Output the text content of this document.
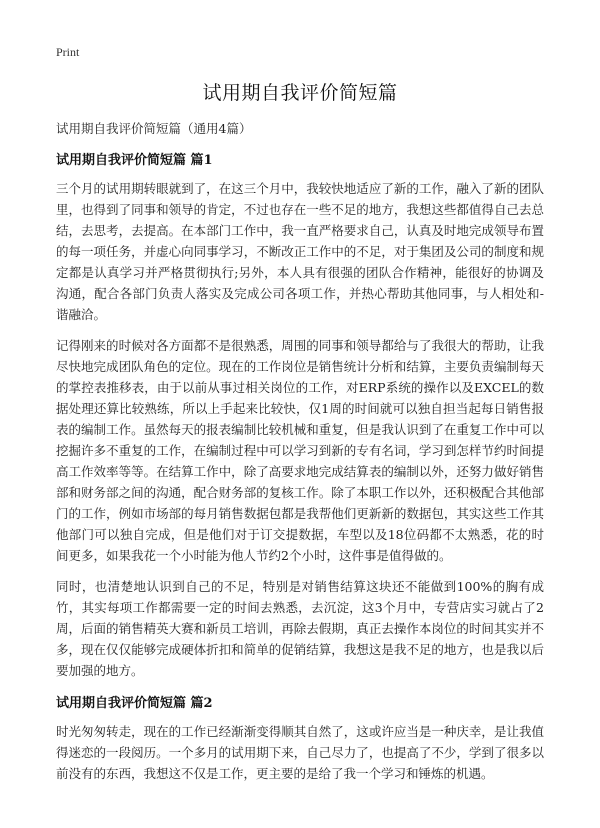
Print

试用期自我评价简短篇

试用期自我评价简短篇（通用4篇）

试用期自我评价简短篇 篇1

三个月的试用期转眼就到了，在这三个月中，我较快地适应了新的工作，融入了新的团队里，也得到了同事和领导的肯定，不过也存在一些不足的地方，我想这些都值得自己去总结，去思考，去提高。在本部门工作中，我一直严格要求自己，认真及时地完成领导布置的每一项任务，并虚心向同事学习，不断改正工作中的不足，对于集团及公司的制度和规定都是认真学习并严格贯彻执行;另外，本人具有很强的团队合作精神，能很好的协调及沟通，配合各部门负责人落实及完成公司各项工作，并热心帮助其他同事，与人相处和-谐融洽。

记得刚来的时候对各方面都不是很熟悉，周围的同事和领导都给与了我很大的帮助，让我尽快地完成团队角色的定位。现在的工作岗位是销售统计分析和结算，主要负责编制每天的掌控表推移表，由于以前从事过相关岗位的工作，对ERP系统的操作以及EXCEL的数据处理还算比较熟练，所以上手起来比较快，仅1周的时间就可以独自担当起每日销售报表的编制工作。虽然每天的报表编制比较机械和重复，但是我认识到了在重复工作中可以挖掘许多不重复的工作，在编制过程中可以学习到新的专有名词，学习到怎样节约时间提高工作效率等等。在结算工作中，除了高要求地完成结算表的编制以外，还努力做好销售部和财务部之间的沟通，配合财务部的复核工作。除了本职工作以外，还积极配合其他部门的工作，例如市场部的每月销售数据包都是我帮他们更新新的数据包，其实这些工作其他部门可以独自完成，但是他们对于订交提数据，车型以及18位码都不太熟悉，花的时间更多，如果我花一个小时能为他人节约2个小时，这件事是值得做的。

同时，也清楚地认识到自己的不足，特别是对销售结算这块还不能做到100%的胸有成竹，其实每项工作都需要一定的时间去熟悉，去沉淀，这3个月中，专营店实习就占了2周，后面的销售精英大赛和新员工培训，再除去假期，真正去操作本岗位的时间其实并不多，现在仅仅能够完成硬体折扣和简单的促销结算，我想这是我不足的地方，也是我以后要加强的地方。

试用期自我评价简短篇 篇2

时光匆匆转走，现在的工作已经渐渐变得顺其自然了，这或许应当是一种庆幸，是让我值得迷恋的一段阅历。一个多月的试用期下来，自己尽力了，也提高了不少，学到了很多以前没有的东西，我想这不仅是工作，更主要的是给了我一个学习和锤炼的机遇。
